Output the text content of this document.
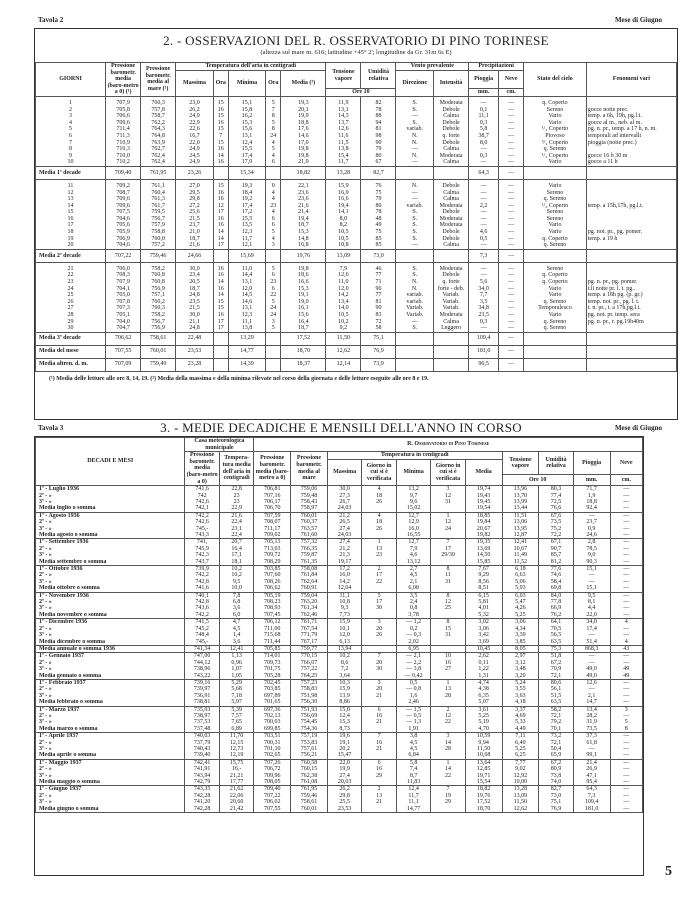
Tavola 2	Mese di Giugno
2. - OSSERVAZIONI DEL R. OSSERVATORIO DI PINO TORINESE
(altezza sul mare m. 616; latitudine +45° 2'; longitudine da Gr. 31m 6s E)
GIORNI	Pressione barometr. media (baro-metro a 0) (¹)	Pressione barometr. media al mare (¹)	Temperatura dell'aria in centigradi					Tensione vapore	Umidità relativa	Vento prevalente		Precipitazioni		Stato del cielo	Fenomeni vari
			Massima	Ora	Minima	Ora	Media (²)			Direzione	Intensità	Pioggia	Neve		
								Ore 10				mm.	cm.		
1	707,9	760,3	23,0	15	15,1	5	19,3	11,9	82	S.	Moderata	—	—	q. Coperto	
2	705,8	757,8	26,2	16	15,8	7	20,1	13,1	78	S.	Debole	0,1	—	Sereno	gocce notte prec.
3	706,6	758,7	24,9	15	16,2	8	19,9	14,3	88	—	Calma	11,1	—	Vario	temp. a 6h, 19h, pg.l.t.
4	709,6	762,2	22,9	16	15,3	5	18,8	13,7	94	S.	Debole	0,3	—	Vario	gocce al m., neb. al m.
5	711,4	764,3	22,6	15	15,6	8	17,6	12,6	81	variab.	Debole	5,8	—	¹/₂ Coperto	pg. n. pr., temp. a 17 h, n. m.
6	711,3	764,8	16,7	7	13,1	24	14,6	11,6	98	N.	q. forte	38,7	—	Piovoso	temporali ad intervalli
7	710,9	763,9	22,0	15	12,4	4	17,0	11,5	90	N.	Debole	8,0	—	³/₄ Coperto	pioggia (notte prec.)
8	710,3	762,7	24,9	16	15,5	5	19,8	13,8	79	—	Calma	—	—	q. Sereno	
9	710,0	762,4	24,5	14	17,4	4	19,8	15,4	80	N.	Moderata	0,3	—	¹/₂ Coperto	gocce 16 h 30 m
10	710,2	762,4	24,9	16	17,0	6	21,0	11,7	67	—	Calma	—	—	Vario	gocce a 11 h
Media 1ª decade	709,40	761,95	23,26		15,34		18,82	13,28	82,7			64,3	—		
11	709,2	761,1	27,0	15	19,3	0	22,1	15,9	76	N.	Debole	—	—	Vario	
12	708,7	760,4	29,5	16	18,4	4	23,6	16,9	75	—	Calma	—	—	Sereno	
13	709,6	761,3	29,8	16	19,2	4	23,6	16,6	79	—	Calma	—	—	q. Sereno	
14	709,6	761,7	27,2	12	17,4	23	21,6	19,4	80	variab.	Moderata	2,2	—	¹/₄ Coperto	temp. a 15h,17h, pg.l.t.
15	707,5	759,5	25,6	17	17,2	4	21,4	14,1	78	S.	Debole	—	—	Sereno	
16	704,6	756,7	21,5	16	15,5	6	19,4	8,0	48	S.	Moderata	—	—	Sereno	
17	705,6	757,9	23,7	16	13,5	6	18,7	8,2	49	S.	Moderata	—	—	Vario	
18	705,9	758,8	21,0	14	12,3	5	15,3	10,5	75	S.	Debole	4,6	—	Vario	pg. not. pr., pg. pomer.
19	706,9	760,0	18,7	14	11,7	4	14,8	10,5	85	S.	Debole	0,5	—	q. Coperto	temp. a 19 h
20	704,6	757,2	21,6	17	12,1	3	16,8	10,8	85	—	Calma	—	—	q. Sereno	
Media 2ª decade	707,22	759,46	24,66		15,69		19,76	13,09	73,0			7,3	—		
21	706,0	758,2	30,0	16	11,0	5	19,8	7,9	46	S.	Moderata	—	—	Sereno	
22	708,3	760,8	23,4	16	14,4	6	18,6	12,6	77	S.	Debole	—	—	q. Coperto	
23	707,9	760,8	20,5	14	13,1	23	16,6	11,0	71	N.	q. forte	5,6	—	q. Coperto	pg. n. pr., pg. pomer.
24	704,1	756,9	18,7	16	12,0	6	15,3	12,0	96	N.	forte - deb.	34,0	—	Vario	t.li notte pr. l. t. pg..
25	705,0	757,1	24,8	14	14,5	22	19,1	14,2	77	variab.	Variab.	7,7	—	Vario	temp. a 18h pg. (p. gr.)
26	707,8	760,2	23,5	15	14,6	5	19,0	13,4	81	variab.	Variab.	3,5	—	q. Sereno	temp. not. pr., pg. l. t.
27	707,3	760,3	21,5	15	13,1	24	16,1	14,0	90	Variab.	Variab.	34,8	—	Temporalesco	t. n. pr., t. a 17h,pg.l.t.
28	705,1	758,2	30,0	16	12,3	24	15,6	10,5	83	Variab.	Moderata	23,5	—	Vario	pg. not. pr. temp. sera
29	704,0	756,7	21,1	17	11,1	3	16,4	10,2	72	—	Calma	0,3	—	q. Sereno	pg. n. pr., r. pg.19h40m
30	704,7	756,9	24,8	17	13,8	5	18,7	9,2	58	S.	Leggero	—	—	q. Sereno	
Media 3ª decade	706,62	758,61	22,48		13,29		17,52	11,50	75,1			109,4	—		
Media del mese	707,55	760,01	23,53		14,77		18,70	12,62	76,9			181,0	—		
Media altren. d. m.	707,09	759,49	23,28		14,39		18,37	12,14	73,9			96,5	—		
(¹) Media delle letture alle ore 8, 14, 19. (²) Media della massima e della minima rilevate nel corso della giornata e delle letture eseguite alle ore 8 e 19.
Tavola 3	Mese di Giugno
3. - MEDIE DECADICHE E MENSILI DELL'ANNO IN CORSO
DECADI E MESI	Casa meteorologica municipale		R. Osservatorio di Pino Torinese										
	Pressione barometr. media (baro-metro a 0)	Tempera-tura media dell'aria in centigradi	Pressione barometr. media (baro-metro a 0)	Pressione barometr. media al mare	Temperatura in centigradi					Tensione vapore	Umidità relativa	Pioggia	Neve
					Massima	Giorno in cui si è verificata	Minima	Giorno in cui si è verificata	Media				
										Ore 10		mm.	cm.
1ª - Luglio 1936	741,6	22,8	706,81	759,06	30,0	4	13,2	3	19,74	13,96	80,3	71,7	—
2ª - »	742	23	707,16	759,48	27,3	18	9,7	12	19,43	13,70	77,4	1,9	—
3ª - »	742,6	23	706,17	758,43	26,7	26	9,6	31	19,45	13,99	72,5	18,8	—
Media luglio o somma	742,1	22,9	706,70	758,97	24,03		15,02		19,54	13,44	76,6	92,4	—
1ª - Agosto 1936	742,2	21,6	707,59	760,01	21,2	4	12,7	1	18,85	11,51	67,6	—	—
2ª - »	742,6	22,4	708,07	760,37	26,5	18	12,9	12	19,84	13,06	73,5	23,7	—
3ª - »	745,-	23,1	711,17	763,57	27,4	26	16,0	24	20,67	13,95	75,2	0,9	—
Media agosto o somma	743,3	22,4	709,02	761,60	24,03		16,55		19,82	12,87	72,2	24,6	—
1ª - Settembre 1936	741,	20,7	705,13	757,32	27,4	1	12,7	7	19,35	12,41	67,1	2,8	—
2ª - »	745,9	16,4	713,03	766,35	21,2	13	7,9	17	13,69	10,67	90,7	78,5	—
3ª - »	742,3	17,1	709,72	759,87	21,3	23	4,6	29/30	14,50	11,49	85,7	9,0	—
Media settembre o somma	743,7	18,1	708,29	761,35	19,17		13,12		15,85	11,52	81,2	90,3	—
1ª - Ottobre 1936	739,9	10,2	703,85	758,08	17,2	2	2,7	8	7,67	6,18	77,6	15,1	—
2ª - »	742,2	10,2	707,60	761,84	16,0	17	4,5	11	9,29	6,63	74,6	—	—
3ª - »	742,8	9,5	708,26	762,64	14,2	22	2,1	31	8,56	5,06	58,4	—	—
Media ottobre o somma	741,6	10,0	706,62	760,91	12,04		6,08		8,51	5,93	69,8	15,1	—
1ª - Novembre 1936	740,1	7,8	705,19	759,04	11,1	5	3,5	8	6,15	6,03	84,0	9,5	—
2ª - »	742,8	6,8	708,23	763,20	10,8	17	2,4	12	5,81	5,47	77,8	8,1	—
3ª - »	743,6	3,6	708,93	761,34	9,3	30	0,8	25	4,01	4,26	66,9	4,4	—
Media novembre o somma	742,2	6,0	707,45	762,46	7,73		3,78		5,32	5,25	76,2	22,0	—
1ª - Dicembre 1936	741,5	4,7	706,12	761,71	15,9	3	— 1,2	8	3,02	3,06	64,1	34,0	4
2ª - »	745,2	4,5	711,00	767,54	10,1	20	0,2	15	3,06	4,34	70,5	17,4	—
3ª - »	748,4	1,4	715,68	771,79	12,0	26	— 0,3	31	3,42	3,39	56,5	—	—
Media dicembre o somma	745,-	3,6	711,44	767,17	6,13		2,02		3,69	3,85	63,5	51,4	4
Media annuale o somma 1936	741,34	12,41	705,85	759,77	13,94		6,95		10,45	8,05	75,3	868,3	43
1ª - Gennaio 1937	747,00	1,13	714,01	770,15	10,2	7	— 2,1	10	2,62	2,97	51,8	—	—
2ª - »	744,12	0,96	709,73	766,07	8,6	20	— 2,2	16	0,11	3,12	67,2	—	—
3ª - »	738,96	1,07	701,75	757,22	7,2	30	— 3,8	27	1,22	3,48	70,9	49,0	49
Media gennaio o somma	743,22	1,05	705,28	764,25	3,64		— 0,42		1,31	3,20	72,1	49,0	49
1ª - Febbraio 1937	739,16	5,29	702,45	757,23	10,3	3	0,5	1	4,74	5,24	80,6	12,6	—
2ª - »	739,97	5,68	703,85	758,83	15,9	20	— 0,8	13	4,38	3,55	56,1	—	—
3ª - »	736,91	7,18	697,89	751,98	13,9	21	1,6	28	6,35	3,63	51,5	2,1	—
Media febbraio o somma	738,81	5,97	701,65	756,30	8,86		2,46		5,07	4,18	63,5	14,7	—
1ª - Marzo 1937	735,93	5,39	697,36	751,93	15,0	6	— 1,5	2	3,61	3,37	58,2	13,4	3
2ª - »	738,97	7,57	702,13	756,69	12,4	16	— 0,5	12	5,25	4,69	72,1	28,2	—
3ª - »	737,53	7,65	700,03	754,45	15,3	21	— 1,3	22	5,19	5,33	79,2	31,9	5
Media marzo o somma	737,48	6,89	699,85	754,36	8,73		1,91		4,70	4,49	70,1	73,5	8
1ª - Aprile 1937	740,03	11,70	703,51	757,19	19,6	7	3,8	3	10,59	7,11	73,2	37,3	—
2ª - »	737,79	12,15	700,31	753,83	19,1	16	4,5	14	9,94	6,40	72,1	61,8	—
3ª - »	740,43	12,73	701,10	757,61	20,2	21	4,5	28	11,50	5,25	50,4	—	—
Media aprile o somma	739,40	12,19	702,65	756,21	15,47		6,84		10,68	6,25	65,9	99,1	—
1ª - Maggio 1937	742,41	15,75	707,26	760,58	22,0	6	5,8	1	13,64	7,77	67,2	21,4	—
2ª - »	741,91	16,-	706,72	760,15	19,9	16	7,4	14	12,85	9,02	80,9	26,9	—
3ª - »	743,94	21,21	709,96	762,38	27,4	29	8,7	22	19,71	12,92	73,8	47,1	—
Media maggio o somma	742,79	17,77	708,05	761,08	20,03		11,83		15,54	10,00	74,0	95,4	—
1ª - Giugno 1937	743,35	21,62	709,40	761,95	26,2	2	12,4	7	18,82	13,28	82,7	64,3	—
2ª - »	742,28	22,06	707,22	759,46	29,8	13	11,7	19	19,76	13,09	73,0	7,3	—
3ª - »	741,20	20,60	706,02	758,61	25,5	21	11,1	29	17,52	11,50	75,1	109,4	—
Media giugno o somma	742,28	21,42	707,55	760,01	23,53		14,77		18,70	12,62	76,9	181,0	—
5
